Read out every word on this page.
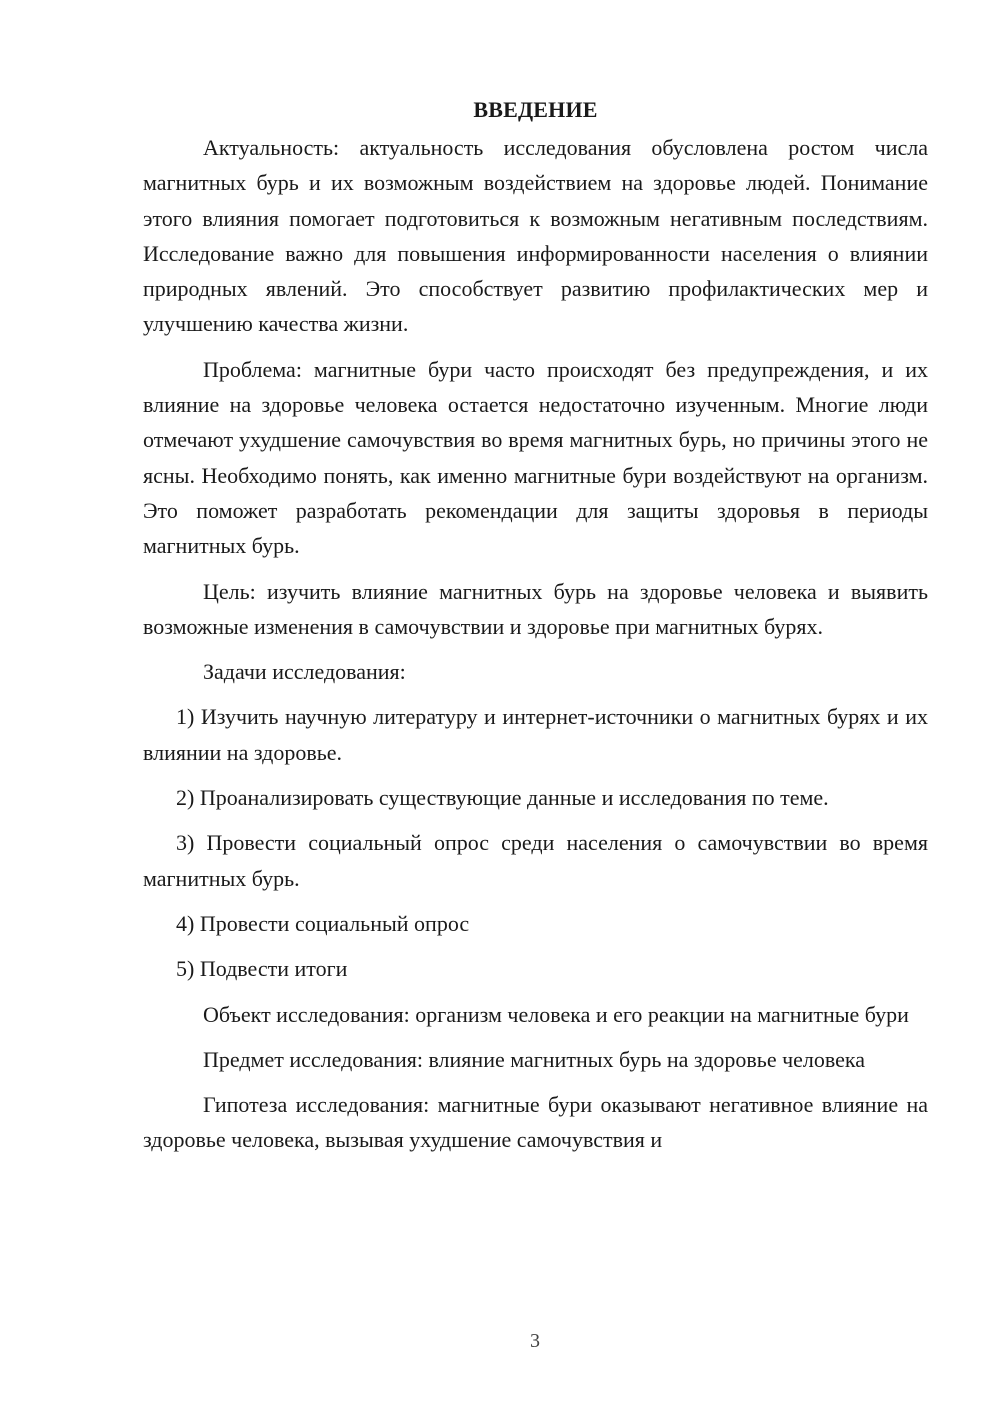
ВВЕДЕНИЕ

Актуальность: актуальность исследования обусловлена ростом числа магнитных бурь и их возможным воздействием на здоровье людей. Понимание этого влияния помогает подготовиться к возможным негативным последствиям. Исследование важно для повышения информированности населения о влиянии природных явлений. Это способствует развитию профилактических мер и улучшению качества жизни.

Проблема: магнитные бури часто происходят без предупреждения, и их влияние на здоровье человека остается недостаточно изученным. Многие люди отмечают ухудшение самочувствия во время магнитных бурь, но причины этого не ясны. Необходимо понять, как именно магнитные бури воздействуют на организм. Это поможет разработать рекомендации для защиты здоровья в периоды магнитных бурь.

Цель: изучить влияние магнитных бурь на здоровье человека и выявить возможные изменения в самочувствии и здоровье при магнитных бурях.

Задачи исследования:

1) Изучить научную литературу и интернет-источники о магнитных бурях и их влиянии на здоровье.

2) Проанализировать существующие данные и исследования по теме.

3) Провести социальный опрос среди населения о самочувствии во время магнитных бурь.

4) Провести социальный опрос

5) Подвести итоги

Объект исследования: организм человека и его реакции на магнитные бури

Предмет исследования: влияние магнитных бурь на здоровье человека

Гипотеза исследования: магнитные бури оказывают негативное влияние на здоровье человека, вызывая ухудшение самочувствия и

3
